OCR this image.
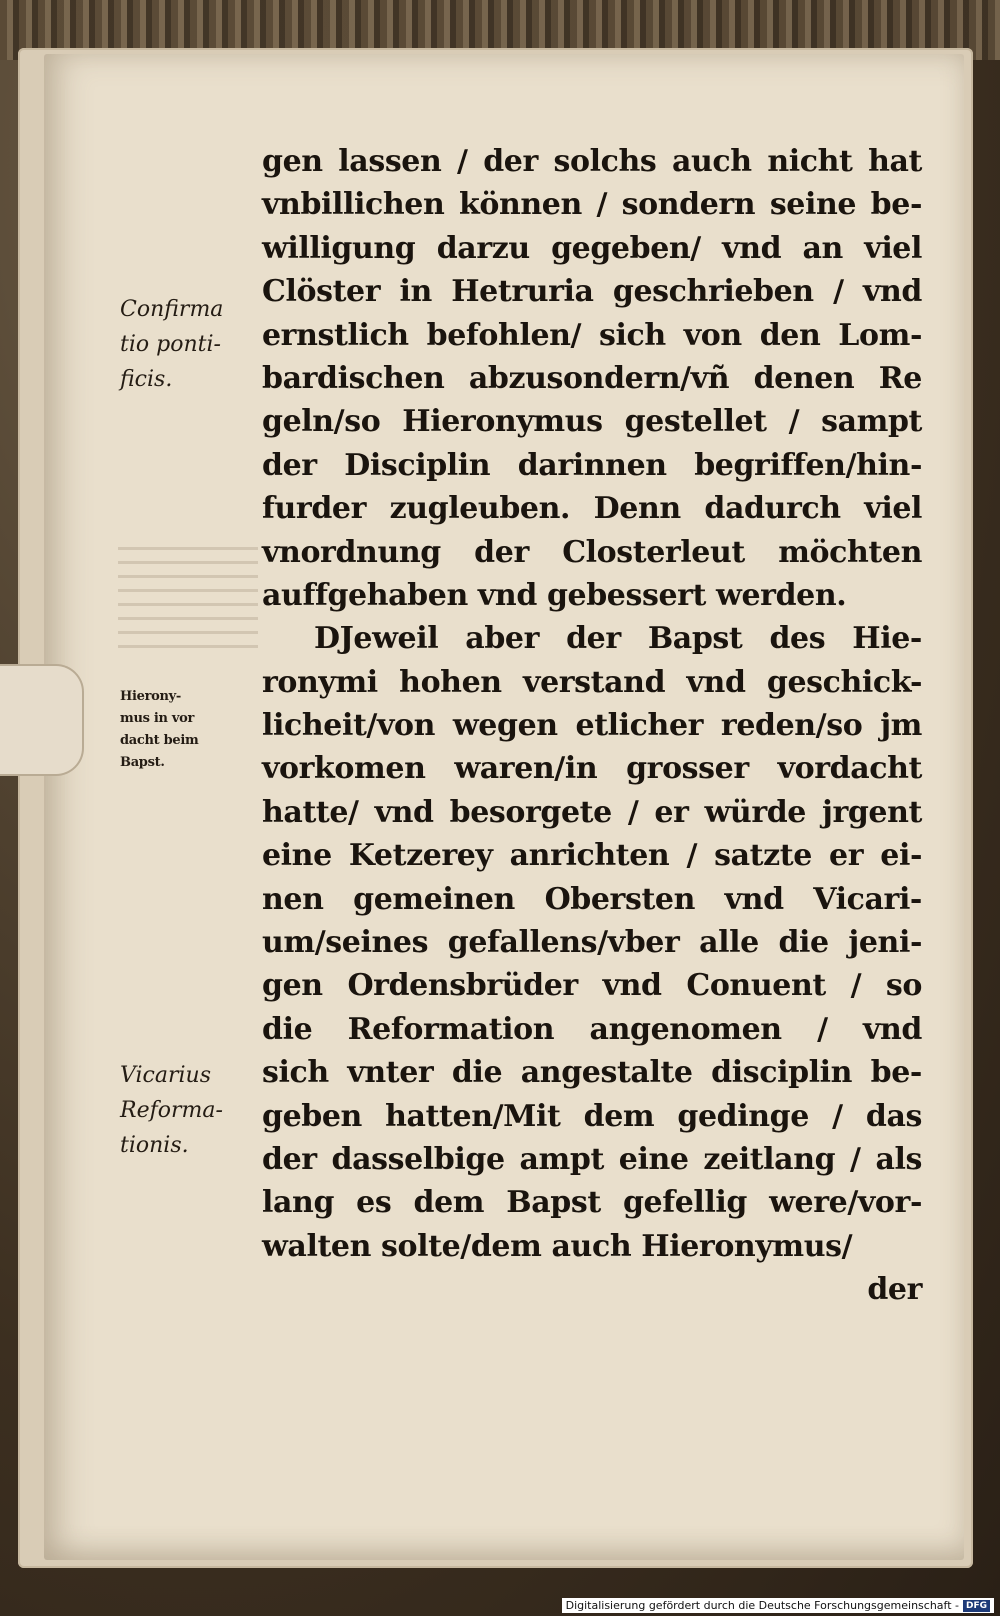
gen lassen / der solchs auch nicht hat
vnbillichen können / sondern seine be-
willigung darzu gegeben/ vnd an viel
Clöster in Hetruria geschrieben / vnd
ernstlich befohlen/ sich von den Lom-
bardischen abzusondern/vñ denen Re
geln/so Hieronymus gestellet / sampt
der Disciplin darinnen begriffen/hin-
furder zugleuben. Denn dadurch viel
vnordnung der Closterleut möchten
auffgehaben vnd gebessert werden.
DJeweil aber der Bapst des Hie-
ronymi hohen verstand vnd geschick-
licheit/von wegen etlicher reden/so jm
vorkomen waren/in grosser vordacht
hatte/ vnd besorgete / er würde jrgent
eine Ketzerey anrichten / satzte er ei-
nen gemeinen Obersten vnd Vicari-
um/seines gefallens/vber alle die jeni-
gen Ordensbrüder vnd Conuent / so
die Reformation angenomen / vnd
sich vnter die angestalte disciplin be-
geben hatten/Mit dem gedinge / das
der dasselbige ampt eine zeitlang / als
lang es dem Bapst gefellig were/vor-
walten solte/dem auch Hieronymus/
der
Confirma
tio ponti-
ficis.
Hierony-
mus in vor
dacht beim
Bapst.
Vicarius
Reforma-
tionis.
Digitalisierung gefördert durch die Deutsche Forschungsgemeinschaft - DFG
